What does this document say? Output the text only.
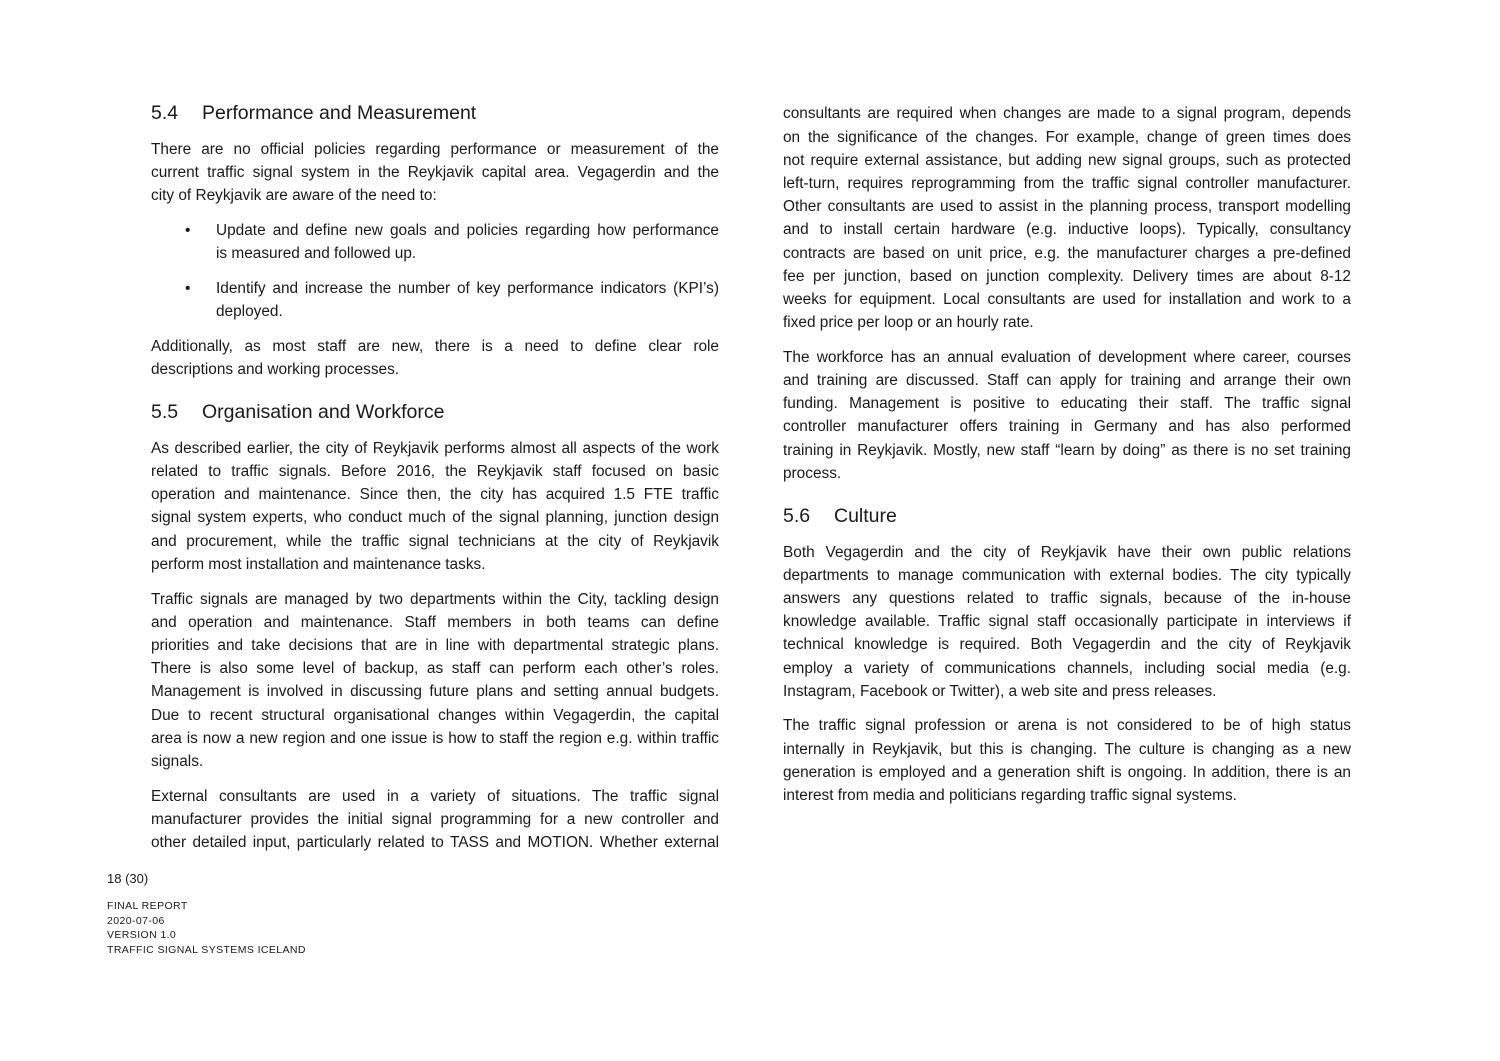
5.4 Performance and Measurement
There are no official policies regarding performance or measurement of the
current traffic signal system in the Reykjavik capital area. Vegagerdin and the
city of Reykjavik are aware of the need to:
• Update and define new goals and policies regarding how performance
is measured and followed up.
• Identify and increase the number of key performance indicators (KPI’s)
deployed.
Additionally, as most staff are new, there is a need to define clear role
descriptions and working processes.
5.5 Organisation and Workforce
As described earlier, the city of Reykjavik performs almost all aspects of the work
related to traffic signals. Before 2016, the Reykjavik staff focused on basic
operation and maintenance. Since then, the city has acquired 1.5 FTE traffic
signal system experts, who conduct much of the signal planning, junction design
and procurement, while the traffic signal technicians at the city of Reykjavik
perform most installation and maintenance tasks.
Traffic signals are managed by two departments within the City, tackling design
and operation and maintenance. Staff members in both teams can define
priorities and take decisions that are in line with departmental strategic plans.
There is also some level of backup, as staff can perform each other’s roles.
Management is involved in discussing future plans and setting annual budgets.
Due to recent structural organisational changes within Vegagerdin, the capital
area is now a new region and one issue is how to staff the region e.g. within traffic
signals.
External consultants are used in a variety of situations. The traffic signal
manufacturer provides the initial signal programming for a new controller and
other detailed input, particularly related to TASS and MOTION. Whether external
consultants are required when changes are made to a signal program, depends
on the significance of the changes. For example, change of green times does
not require external assistance, but adding new signal groups, such as protected
left-turn, requires reprogramming from the traffic signal controller manufacturer.
Other consultants are used to assist in the planning process, transport modelling
and to install certain hardware (e.g. inductive loops). Typically, consultancy
contracts are based on unit price, e.g. the manufacturer charges a pre-defined
fee per junction, based on junction complexity. Delivery times are about 8-12
weeks for equipment. Local consultants are used for installation and work to a
fixed price per loop or an hourly rate.
The workforce has an annual evaluation of development where career, courses
and training are discussed. Staff can apply for training and arrange their own
funding. Management is positive to educating their staff. The traffic signal
controller manufacturer offers training in Germany and has also performed
training in Reykjavik. Mostly, new staff “learn by doing” as there is no set training
process.
5.6 Culture
Both Vegagerdin and the city of Reykjavik have their own public relations
departments to manage communication with external bodies. The city typically
answers any questions related to traffic signals, because of the in-house
knowledge available. Traffic signal staff occasionally participate in interviews if
technical knowledge is required. Both Vegagerdin and the city of Reykjavik
employ a variety of communications channels, including social media (e.g.
Instagram, Facebook or Twitter), a web site and press releases.
The traffic signal profession or arena is not considered to be of high status
internally in Reykjavik, but this is changing. The culture is changing as a new
generation is employed and a generation shift is ongoing. In addition, there is an
interest from media and politicians regarding traffic signal systems.
18 (30)
FINAL REPORT
2020-07-06
VERSION 1.0
TRAFFIC SIGNAL SYSTEMS ICELAND
